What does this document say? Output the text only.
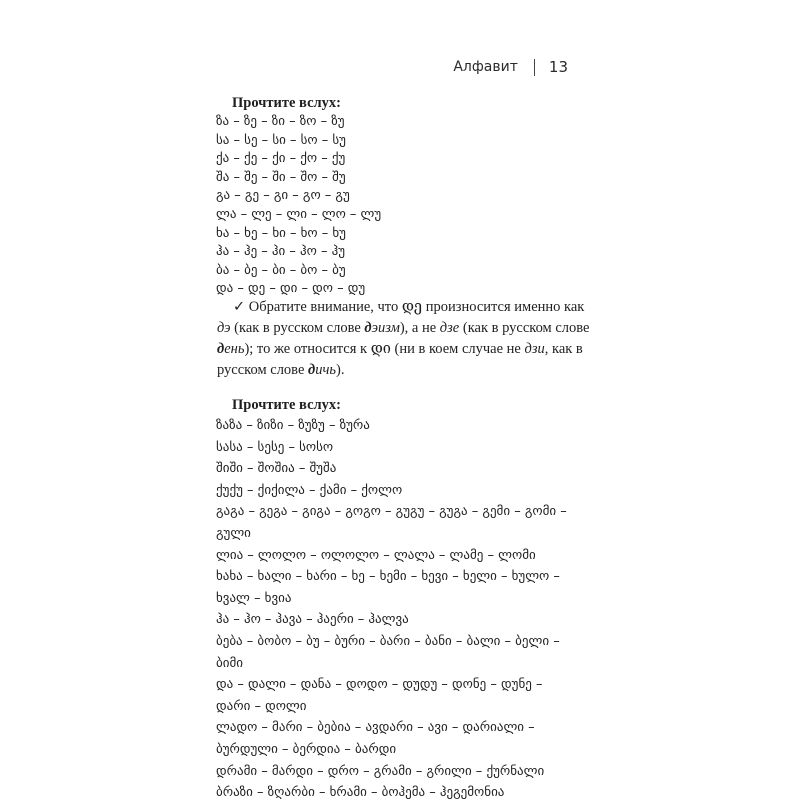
Алфавит 13

Прочтите вслух:

ზა – ზე – ზი – ზო – ზუ
სა – სე – სი – სო – სუ
ქა – ქე – ქი – ქო – ქუ
შა – შე – ში – შო – შუ
გა – გე – გი – გო – გუ
ლა – ლე – ლი – ლო – ლუ
ხა – ხე – ხი – ხო – ხუ
ჰა – ჰე – ჰი – ჰო – ჰუ
ბა – ბე – ბი – ბო – ბუ
და – დე – დი – დო – დუ
✓ Обратите внимание, что დე произносится именно как дэ (как в русском слове дэизм), а не дзе (как в русском слове день); то же относится к დი (ни в коем случае не дзи, как в русском слове дичь).

Прочтите вслух:

ზაზა – ზიზი – ზუზუ – ზურა
სასა – სესე – სოსო
შიში – შოშია – შუშა
ქუქუ – ქიქილა – ქამი – ქოლო
გაგა – გეგა – გიგა – გოგო – გუგუ – გუგა – გემი – გომი –
გული
ლია – ლოლო – ოლოლო – ლალა – ლამე – ლომი
ხახა – ხალი – ხარი – ხე – ხემი – ხევი – ხელი – ხულო –
ხვალ – ხვია
ჰა – ჰო – ჰავა – ჰაერი – ჰალვა
ბება – ბობო – ბუ – ბური – ბარი – ბანი – ბალი – ბელი –
ბიმი
და – დალი – დანა – დოდო – დუდუ – დონე – დუნე –
დარი – დოლი
ლადო – მარი – ბებია – ავდარი – ავი – დარიალი –
ბურდული – ბერდია – ბარდი
დრამი – მარდი – დრო – გრამი – გრილი – ქურნალი
ბრაზი – ზღარბი – ხრამი – ბოჰემა – ჰეგემონია
